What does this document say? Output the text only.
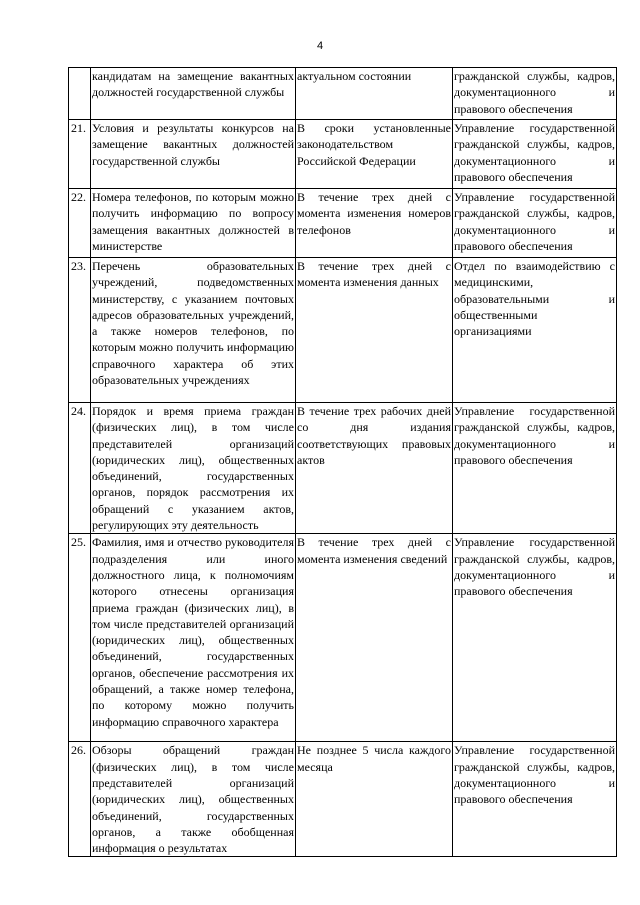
4
	кандидатам на замещение вакантных должностей государственной службы	актуальном состоянии	гражданской службы, кадров, документационного и правового обеспечения
21.	Условия и результаты конкурсов на замещение вакантных должностей государственной службы	В сроки установленные законодательством Российской Федерации	Управление государственной гражданской службы, кадров, документационного и правового обеспечения
22.	Номера телефонов, по которым можно получить информацию по вопросу замещения вакантных должностей в министерстве	В течение трех дней с момента изменения номеров телефонов	Управление государственной гражданской службы, кадров, документационного и правового обеспечения
23.	Перечень образовательных учреждений, подведомственных министерству, с указанием почтовых адресов образовательных учреждений, а также номеров телефонов, по которым можно получить информацию справочного характера об этих образовательных учреждениях	В течение трех дней с момента изменения данных	Отдел по взаимодействию с медицинскими, образовательными и общественными организациями
24.	Порядок и время приема граждан (физических лиц), в том числе представителей организаций (юридических лиц), общественных объединений, государственных органов, порядок рассмотрения их обращений с указанием актов, регулирующих эту деятельность	В течение трех рабочих дней со дня издания соответствующих правовых актов	Управление государственной гражданской службы, кадров, документационного и правового обеспечения
25.	Фамилия, имя и отчество руководителя подразделения или иного должностного лица, к полномочиям которого отнесены организация приема граждан (физических лиц), в том числе представителей организаций (юридических лиц), общественных объединений, государственных органов, обеспечение рассмотрения их обращений, а также номер телефона, по которому можно получить информацию справочного характера	В течение трех дней с момента изменения сведений	Управление государственной гражданской службы, кадров, документационного и правового обеспечения
26.	Обзоры обращений граждан (физических лиц), в том числе представителей организаций (юридических лиц), общественных объединений, государственных органов, а также обобщенная информация о результатах	Не позднее 5 числа каждого месяца	Управление государственной гражданской службы, кадров, документационного и правового обеспечения
